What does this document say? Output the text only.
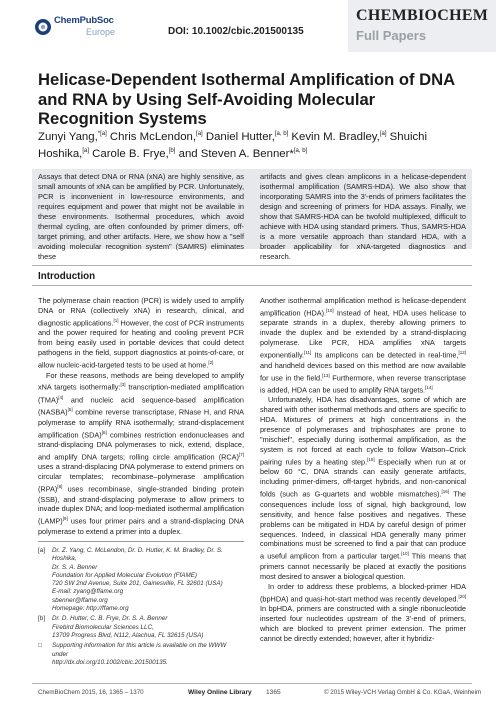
ChemPubSoc
Europe	DOI: 10.1002/cbic.201500135
CHEMBIOCHEM
Full Papers
Helicase-Dependent Isothermal Amplification of DNA and RNA by Using Self-Avoiding Molecular Recognition Systems
Zunyi Yang,$^{*[a]}$ Chris McLendon,[a] Daniel Hutter,[a, b] Kevin M. Bradley,[a] Shuichi Hoshika,[a] Carole B. Frye,[b] and Steven A. Benner*[a, b]
Assays that detect DNA or RNA (xNA) are highly sensitive, as small amounts of xNA can be amplified by PCR. Unfortunately, PCR is inconvenient in low-resource environments, and requires equipment and power that might not be available in these environments. Isothermal procedures, which avoid thermal cycling, are often confounded by primer dimers, off-target priming, and other artifacts. Here, we show how a "self avoiding molecular recognition system" (SAMRS) eliminates these
artifacts and gives clean amplicons in a helicase-dependent isothermal amplification (SAMRS-HDA). We also show that incorporating SAMRS into the 3'-ends of primers facilitates the design and screening of primers for HDA assays. Finally, we show that SAMRS-HDA can be twofold multiplexed, difficult to achieve with HDA using standard primers. Thus, SAMRS-HDA is a more versatile approach than standard HDA, with a broader applicability for xNA-targeted diagnostics and research.
Introduction

The polymerase chain reaction (PCR) is widely used to amplify DNA or RNA (collectively xNA) in research, clinical, and diagnostic applications.[1] However, the cost of PCR instruments and the power required for heating and cooling prevent PCR from being easily used in portable devices that could detect pathogens in the field, support diagnostics at points-of-care, or allow nucleic-acid-targeted tests to be used at home.[2]

For these reasons, methods are being developed to amplify xNA targets isothermally:[3] transcription-mediated amplification (TMA)[4] and nucleic acid sequence-based amplification (NASBA)[5] combine reverse transcriptase, RNase H, and RNA polymerase to amplify RNA isothermally; strand-displacement amplification (SDA)[6] combines restriction endonucleases and strand-displacing DNA polymerases to nick, extend, displace, and amplify DNA targets; rolling circle amplification (RCA)[7] uses a strand-displacing DNA polymerase to extend primers on circular templates; recombinase–polymerase amplification (RPA)[8] uses recombinase, single-stranded binding protein (SSB), and strand-displacing polymerase to allow primers to invade duplex DNA; and loop-mediated isothermal amplification (LAMP)[9] uses four primer pairs and a strand-displacing DNA polymerase to extend a primer into a duplex.

[a]	Dr. Z. Yang, C. McLendon, Dr. D. Hutter, K. M. Bradley, Dr. S. Hoshika,
Dr. S. A. Benner
Foundation for Applied Molecular Evolution (FfAME)
720 SW 2nd Avenue, Suite 201, Gainesville, FL 32601 (USA)
E-mail: zyang@ffame.org
sbenner@ffame.org
Homepage: http://ffame.org
[b]	Dr. D. Hutter, C. B. Frye, Dr. S. A. Benner
Firebird Biomolecular Sciences LLC,
13709 Progress Blvd, N112, Alachua, FL 32615 (USA)
□	Supporting information for this article is available on the WWW under
http://dx.doi.org/10.1002/cbic.201500135.

Another isothermal amplification method is helicase-dependent amplification (HDA).[10] Instead of heat, HDA uses helicase to separate strands in a duplex, thereby allowing primers to invade the duplex and be extended by a strand-displacing polymerase. Like PCR, HDA amplifies xNA targets exponentially.[11] Its amplicons can be detected in real-time,[12] and handheld devices based on this method are now available for use in the field.[13] Furthermore, when reverse transcriptase is added, HDA can be used to amplify RNA targets.[14]

Unfortunately, HDA has disadvantages, some of which are shared with other isothermal methods and others are specific to HDA. Mixtures of primers at high concentrations in the presence of polymerases and triphosphates are prone to "mischief", especially during isothermal amplification, as the system is not forced at each cycle to follow Watson–Crick pairing rules by a heating step.[15] Especially when run at or below 60 °C, DNA strands can easily generate artifacts, including primer-dimers, off-target hybrids, and non-canonical folds (such as G-quartets and wobble mismatches).[16] The consequences include loss of signal, high background, low sensitivity, and hence false positives and negatives. These problems can be mitigated in HDA by careful design of primer sequences. Indeed, in classical HDA generally many primer combinations must be screened to find a pair that can produce a useful amplicon from a particular target.[10] This means that primers cannot necessarily be placed at exactly the positions most desired to answer a biological question.

In order to address these problems, a blocked-primer HDA (bpHDA) and quasi-hot-start method was recently developed.[20] In bpHDA, primers are constructed with a single ribonucleotide inserted four nucleotides upstream of the 3'-end of primers, which are blocked to prevent primer extension. The primer cannot be directly extended; however, after it hybridiz-

ChemBioChem 2015, 16, 1365 – 1370	Wiley Online Library 1365	© 2015 Wiley-VCH Verlag GmbH & Co. KGaA, Weinheim
